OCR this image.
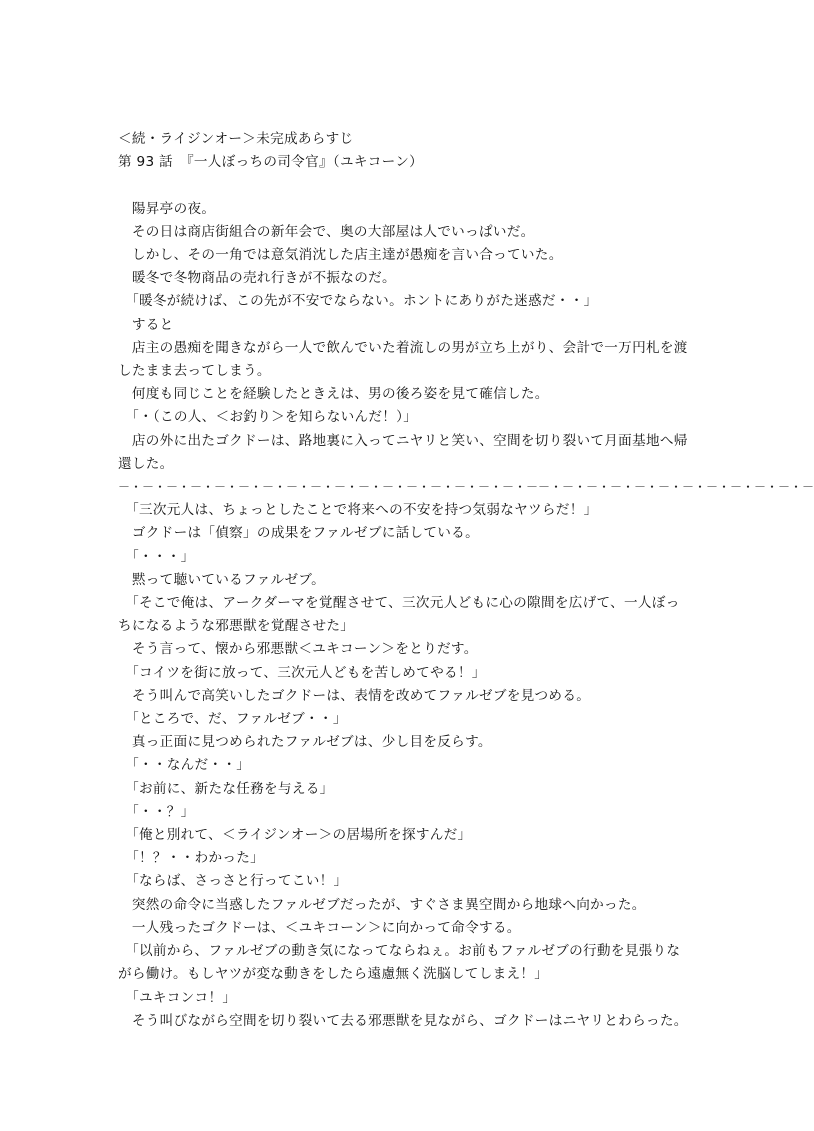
＜続・ライジンオー＞未完成あらすじ
第 93 話　『一人ぼっちの司令官』（ユキコーン）
　陽昇亭の夜。
　その日は商店街組合の新年会で、奥の大部屋は人でいっぱいだ。
　しかし、その一角では意気消沈した店主達が愚痴を言い合っていた。
　暖冬で冬物商品の売れ行きが不振なのだ。
　「暖冬が続けば、この先が不安でならない。ホントにありがた迷惑だ・・」
　すると
　店主の愚痴を聞きながら一人で飲んでいた着流しの男が立ち上がり、会計で一万円札を渡したまま去ってしまう。
　何度も同じことを経験したときえは、男の後ろ姿を見て確信した。
　「・（この人、＜お釣り＞を知らないんだ！）」
　店の外に出たゴクドーは、路地裏に入ってニヤリと笑い、空間を切り裂いて月面基地へ帰還した。
－・－・－・－・－・－・－・－・－・－・－・－・－・－・－・－・－・－－・－・－・－・－・－・－・－・－・－・－・－
　「三次元人は、ちょっとしたことで将来への不安を持つ気弱なヤツらだ！」
　ゴクドーは「偵察」の成果をファルゼブに話している。
　「・・・」
　黙って聴いているファルゼブ。
　「そこで俺は、アークダーマを覚醒させて、三次元人どもに心の隙間を広げて、一人ぼっちになるような邪悪獣を覚醒させた」
　そう言って、懐から邪悪獣＜ユキコーン＞をとりだす。
　「コイツを街に放って、三次元人どもを苦しめてやる！」
　そう叫んで高笑いしたゴクドーは、表情を改めてファルゼブを見つめる。
　「ところで、だ、ファルゼブ・・」
　真っ正面に見つめられたファルゼブは、少し目を反らす。
　「・・なんだ・・」
　「お前に、新たな任務を与える」
　「・・？」
　「俺と別れて、＜ライジンオー＞の居場所を探すんだ」
　「！？・・わかった」
　「ならば、さっさと行ってこい！」
　突然の命令に当惑したファルゼブだったが、すぐさま異空間から地球へ向かった。
　一人残ったゴクドーは、＜ユキコーン＞に向かって命令する。
　「以前から、ファルゼブの動き気になってならねぇ。お前もファルゼブの行動を見張りながら働け。もしヤツが変な動きをしたら遠慮無く洗脳してしまえ！」
　「ユキコンコ！」
　そう叫びながら空間を切り裂いて去る邪悪獣を見ながら、ゴクドーはニヤリとわらった。
